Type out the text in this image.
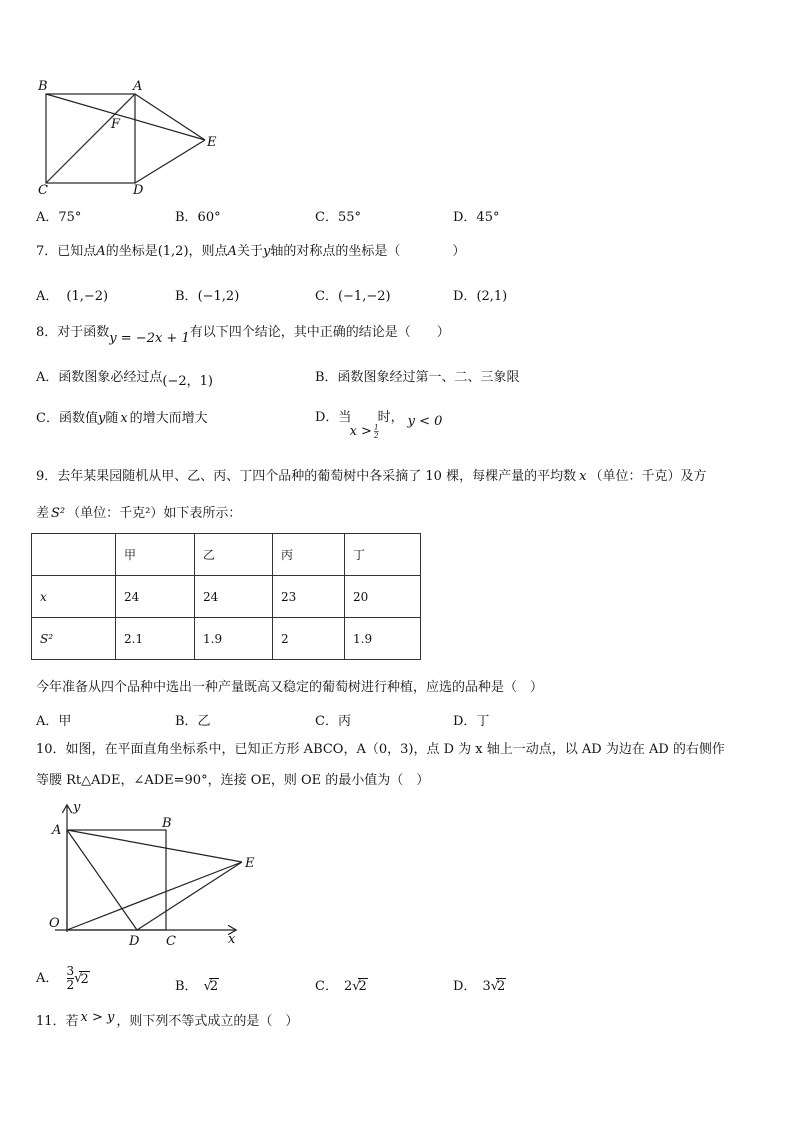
B	A
F
E
C	D
A．75°	B．60°	C．55°	D．45°
7．已知点A的坐标是(1,2)，则点A关于y轴的对称点的坐标是（　　　　）
A． (1,−2)	B．(−1,2)	C．(−1,−2)	D．(2,1)
8．对于函数y = −2x + 1有以下四个结论，其中正确的结论是（　　）
A．函数图象必经过点(−2，1)	B．函数图象经过第一、二、三象限
C．函数值y随 x 的增大而增大	D．当 $x > \frac{1}{2}$
时， y < 0
9．去年某果园随机从甲、乙、丙、丁四个品种的葡萄树中各采摘了 10 棵，每棵产量的平均数 x （单位：千克）及方
差 S² （单位：千克²）如下表所示：
	甲	乙	丙	丁
x	24	24	23	20
S²	2.1	1.9	2	1.9
今年准备从四个品种中选出一种产量既高又稳定的葡萄树进行种植，应选的品种是（　）
A．甲	B．乙	C．丙	D．丁
10．如图，在平面直角坐标系中，已知正方形 ABCO，A（0，3)，点 D 为 x 轴上一动点，以 AD 为边在 AD 的右侧作
等腰 Rt△ADE，∠ADE=90°，连接 OE，则 OE 的最小值为（　）
y
A	B
E
O
D C	x
A． $\frac{3}{2} √2$	B． √2	C． 2√2	D． 3√2
11．若 x > y ，则下列不等式成立的是（　）
